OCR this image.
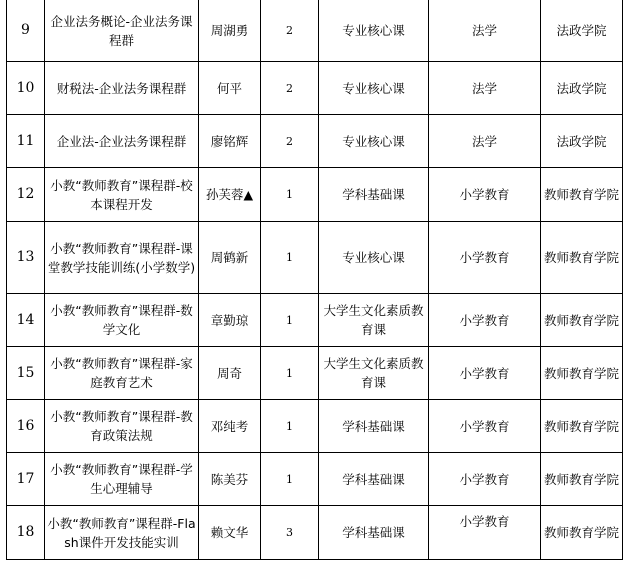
9	企业法务概论-企业法务课程群	周湖勇	2	专业核心课	法学	法政学院
10	财税法-企业法务课程群	何平	2	专业核心课	法学	法政学院
11	企业法-企业法务课程群	廖铭辉	2	专业核心课	法学	法政学院
12	小教“教师教育”课程群-校本课程开发	孙芙蓉▲	1	学科基础课	小学教育	教师教育学院
13	小教“教师教育”课程群-课堂教学技能训练(小学数学)	周鹤新	1	专业核心课	小学教育	教师教育学院
14	小教“教师教育”课程群-数学文化	章勤琼	1	大学生文化素质教育课	小学教育	教师教育学院
15	小教“教师教育”课程群-家庭教育艺术	周奇	1	大学生文化素质教育课	小学教育	教师教育学院
16	小教“教师教育”课程群-教育政策法规	邓纯考	1	学科基础课	小学教育	教师教育学院
17	小教“教师教育”课程群-学生心理辅导	陈美芬	1	学科基础课	小学教育	教师教育学院
18	小教“教师教育”课程群-Flash课件开发技能实训	赖文华	3	学科基础课	小学教育	教师教育学院
